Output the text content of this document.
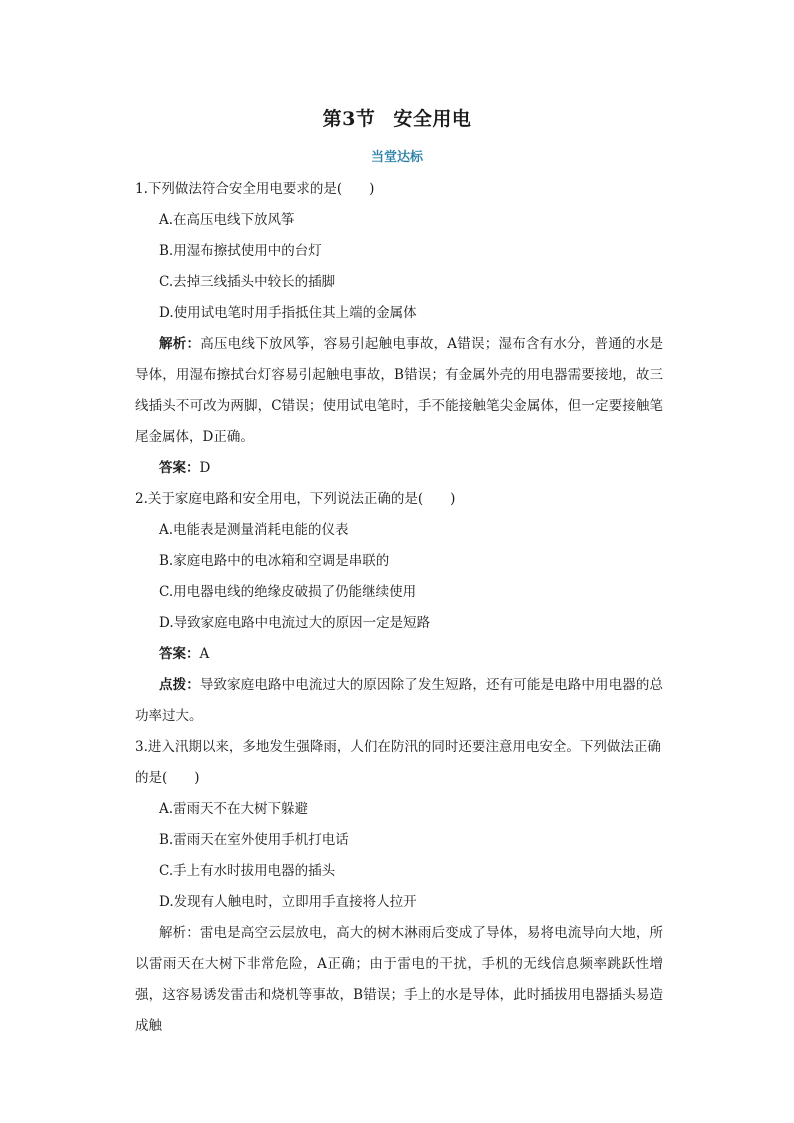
第3节 安全用电
当堂达标
1.下列做法符合安全用电要求的是(　　)
A.在高压电线下放风筝
B.用湿布擦拭使用中的台灯
C.去掉三线插头中较长的插脚
D.使用试电笔时用手指抵住其上端的金属体
解析：高压电线下放风筝，容易引起触电事故，A错误；湿布含有水分，普通的水是导体，用湿布擦拭台灯容易引起触电事故，B错误；有金属外壳的用电器需要接地，故三线插头不可改为两脚，C错误；使用试电笔时，手不能接触笔尖金属体，但一定要接触笔尾金属体，D正确。
答案：D
2.关于家庭电路和安全用电，下列说法正确的是(　　)
A.电能表是测量消耗电能的仪表
B.家庭电路中的电冰箱和空调是串联的
C.用电器电线的绝缘皮破损了仍能继续使用
D.导致家庭电路中电流过大的原因一定是短路
答案：A
点拨：导致家庭电路中电流过大的原因除了发生短路，还有可能是电路中用电器的总功率过大。
3.进入汛期以来，多地发生强降雨，人们在防汛的同时还要注意用电安全。下列做法正确
的是(　　)
A.雷雨天不在大树下躲避
B.雷雨天在室外使用手机打电话
C.手上有水时拔用电器的插头
D.发现有人触电时，立即用手直接将人拉开
解析：雷电是高空云层放电，高大的树木淋雨后变成了导体，易将电流导向大地，所以雷雨天在大树下非常危险，A正确；由于雷电的干扰，手机的无线信息频率跳跃性增强，这容易诱发雷击和烧机等事故，B错误；手上的水是导体，此时插拔用电器插头易造成触
